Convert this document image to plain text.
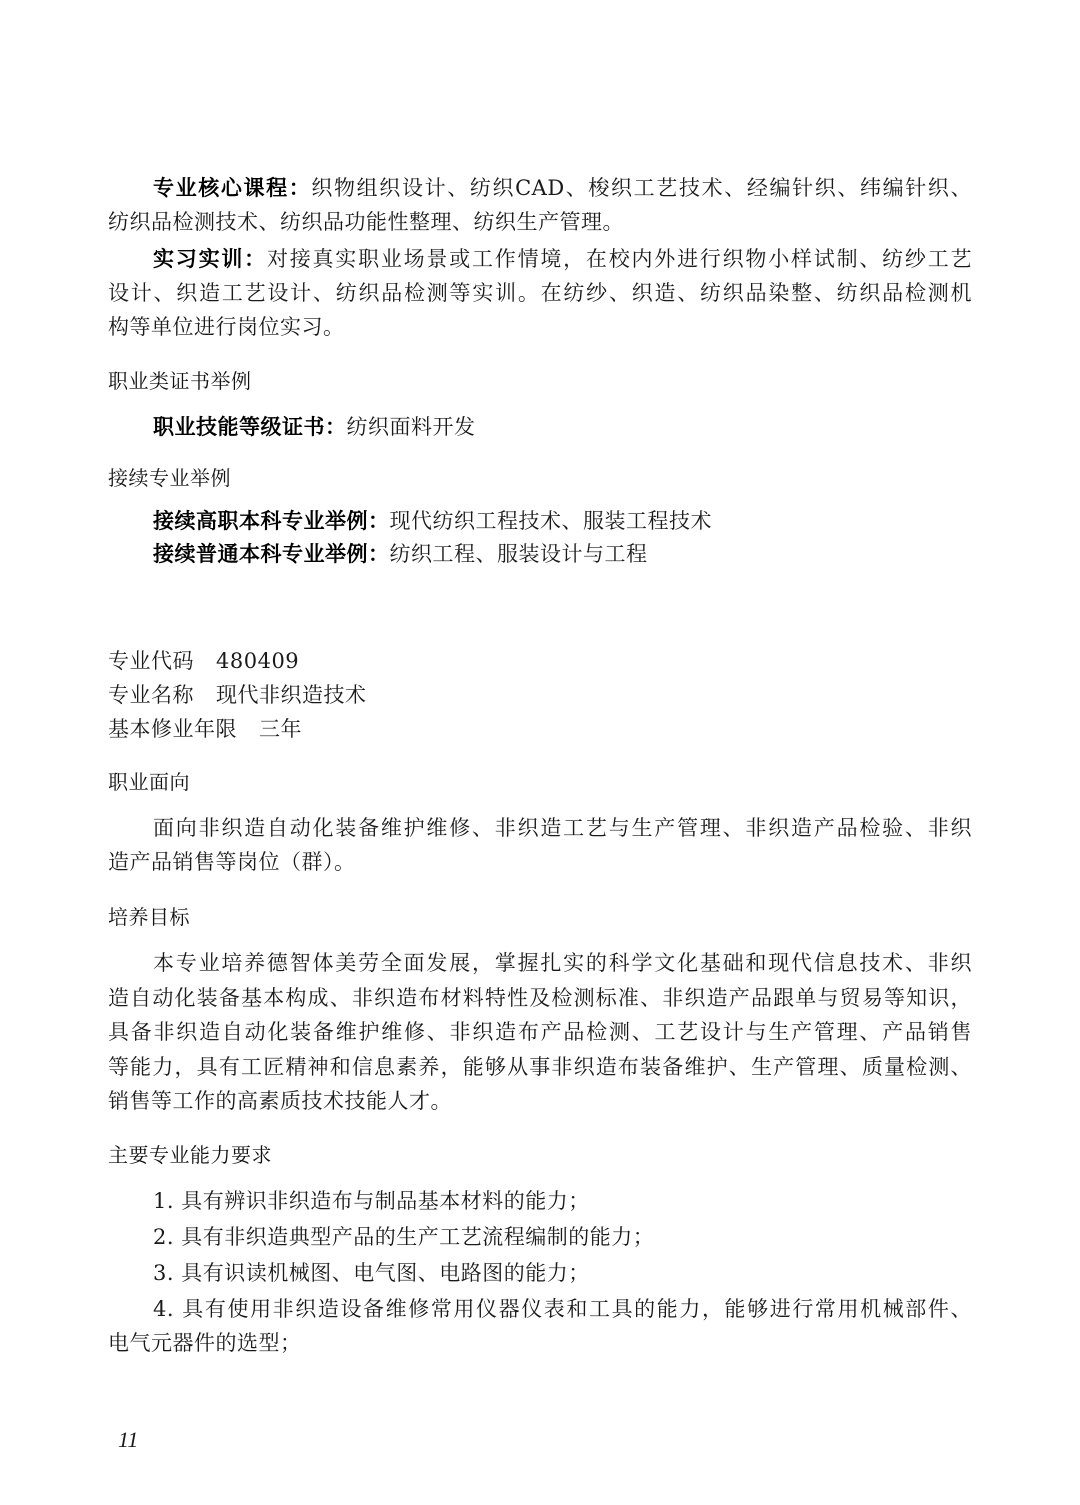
专业核心课程：织物组织设计、纺织CAD、梭织工艺技术、经编针织、纬编针织、
纺织品检测技术、纺织品功能性整理、纺织生产管理。
实习实训：对接真实职业场景或工作情境，在校内外进行织物小样试制、纺纱工艺
设计、织造工艺设计、纺织品检测等实训。在纺纱、织造、纺织品染整、纺织品检测机
构等单位进行岗位实习。
职业类证书举例
职业技能等级证书：纺织面料开发
接续专业举例
接续高职本科专业举例：现代纺织工程技术、服装工程技术
接续普通本科专业举例：纺织工程、服装设计与工程
专业代码 480409
专业名称 现代非织造技术
基本修业年限 三年
职业面向
面向非织造自动化装备维护维修、非织造工艺与生产管理、非织造产品检验、非织
造产品销售等岗位（群）。
培养目标
本专业培养德智体美劳全面发展，掌握扎实的科学文化基础和现代信息技术、非织
造自动化装备基本构成、非织造布材料特性及检测标准、非织造产品跟单与贸易等知识，
具备非织造自动化装备维护维修、非织造布产品检测、工艺设计与生产管理、产品销售
等能力，具有工匠精神和信息素养，能够从事非织造布装备维护、生产管理、质量检测、
销售等工作的高素质技术技能人才。
主要专业能力要求
1. 具有辨识非织造布与制品基本材料的能力；
2. 具有非织造典型产品的生产工艺流程编制的能力；
3. 具有识读机械图、电气图、电路图的能力；
4. 具有使用非织造设备维修常用仪器仪表和工具的能力，能够进行常用机械部件、
电气元器件的选型；
11
